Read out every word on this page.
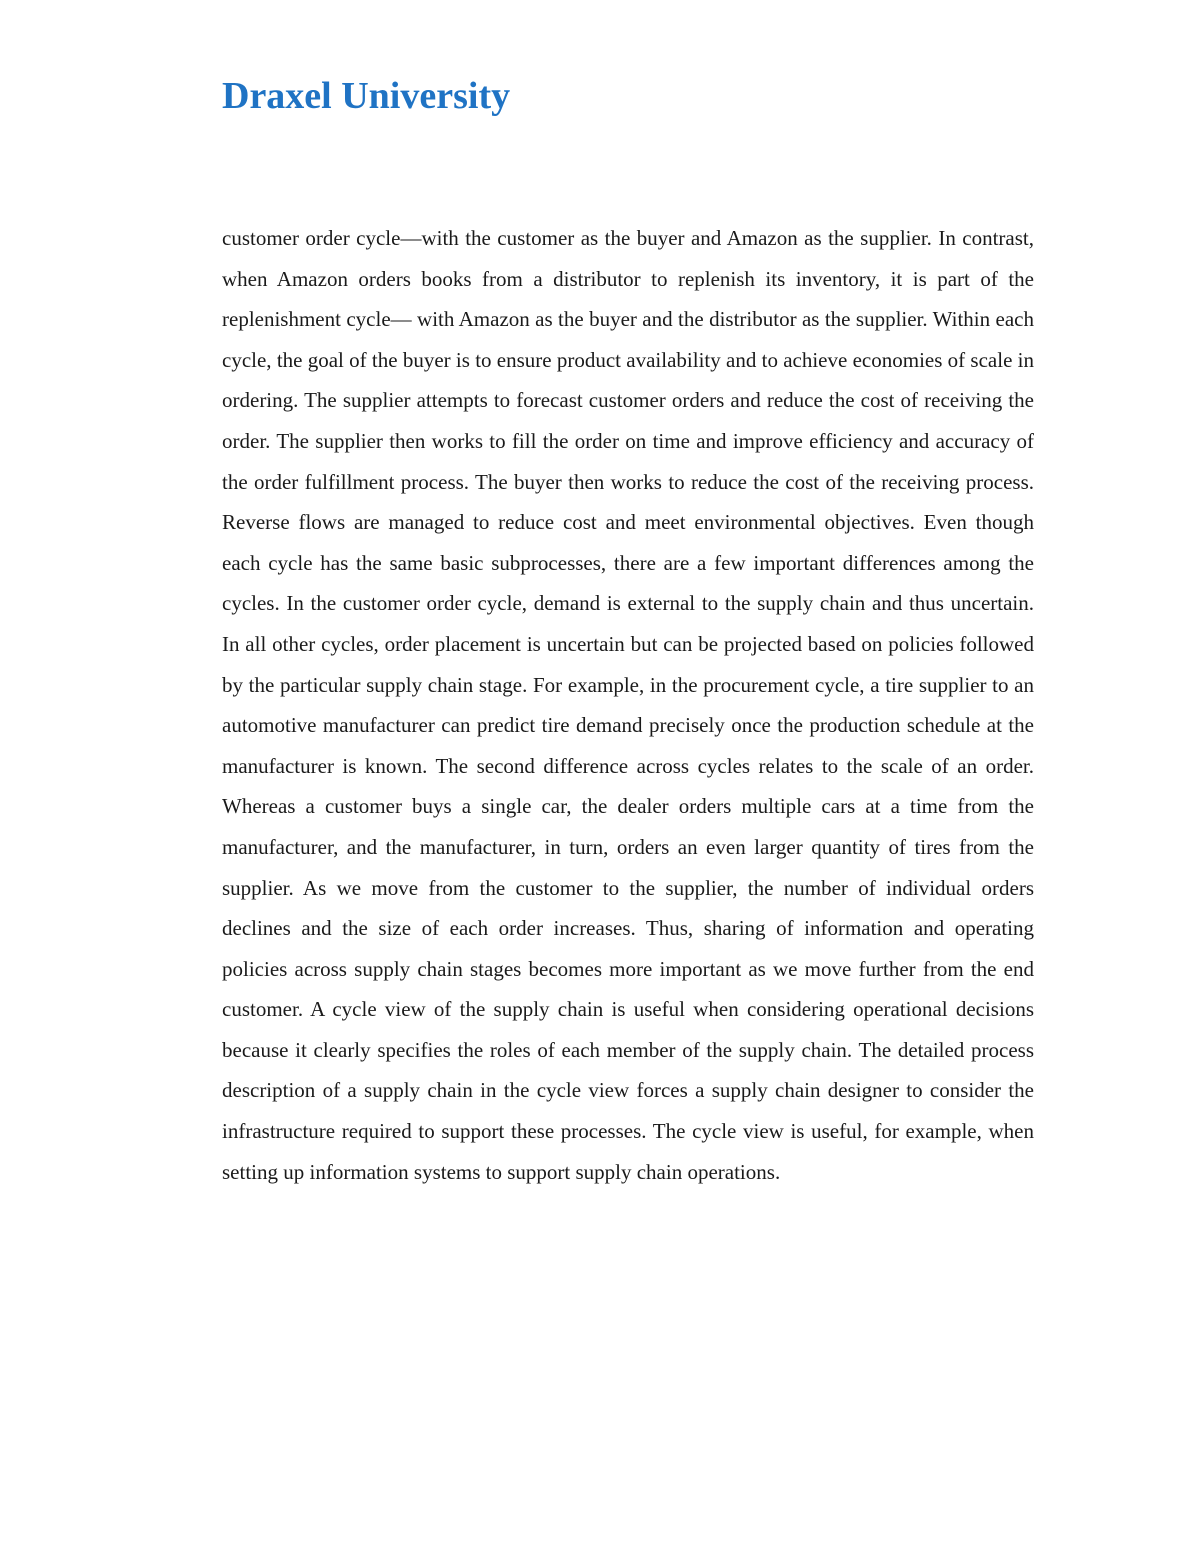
Draxel University

customer order cycle—with the customer as the buyer and Amazon as the supplier. In contrast, when Amazon orders books from a distributor to replenish its inventory, it is part of the replenishment cycle— with Amazon as the buyer and the distributor as the supplier. Within each cycle, the goal of the buyer is to ensure product availability and to achieve economies of scale in ordering. The supplier attempts to forecast customer orders and reduce the cost of receiving the order. The supplier then works to fill the order on time and improve efficiency and accuracy of the order fulfillment process. The buyer then works to reduce the cost of the receiving process. Reverse flows are managed to reduce cost and meet environmental objectives. Even though each cycle has the same basic subprocesses, there are a few important differences among the cycles. In the customer order cycle, demand is external to the supply chain and thus uncertain. In all other cycles, order placement is uncertain but can be projected based on policies followed by the particular supply chain stage. For example, in the procurement cycle, a tire supplier to an automotive manufacturer can predict tire demand precisely once the production schedule at the manufacturer is known. The second difference across cycles relates to the scale of an order. Whereas a customer buys a single car, the dealer orders multiple cars at a time from the manufacturer, and the manufacturer, in turn, orders an even larger quantity of tires from the supplier. As we move from the customer to the supplier, the number of individual orders declines and the size of each order increases. Thus, sharing of information and operating policies across supply chain stages becomes more important as we move further from the end customer. A cycle view of the supply chain is useful when considering operational decisions because it clearly specifies the roles of each member of the supply chain. The detailed process description of a supply chain in the cycle view forces a supply chain designer to consider the infrastructure required to support these processes. The cycle view is useful, for example, when setting up information systems to support supply chain operations.
